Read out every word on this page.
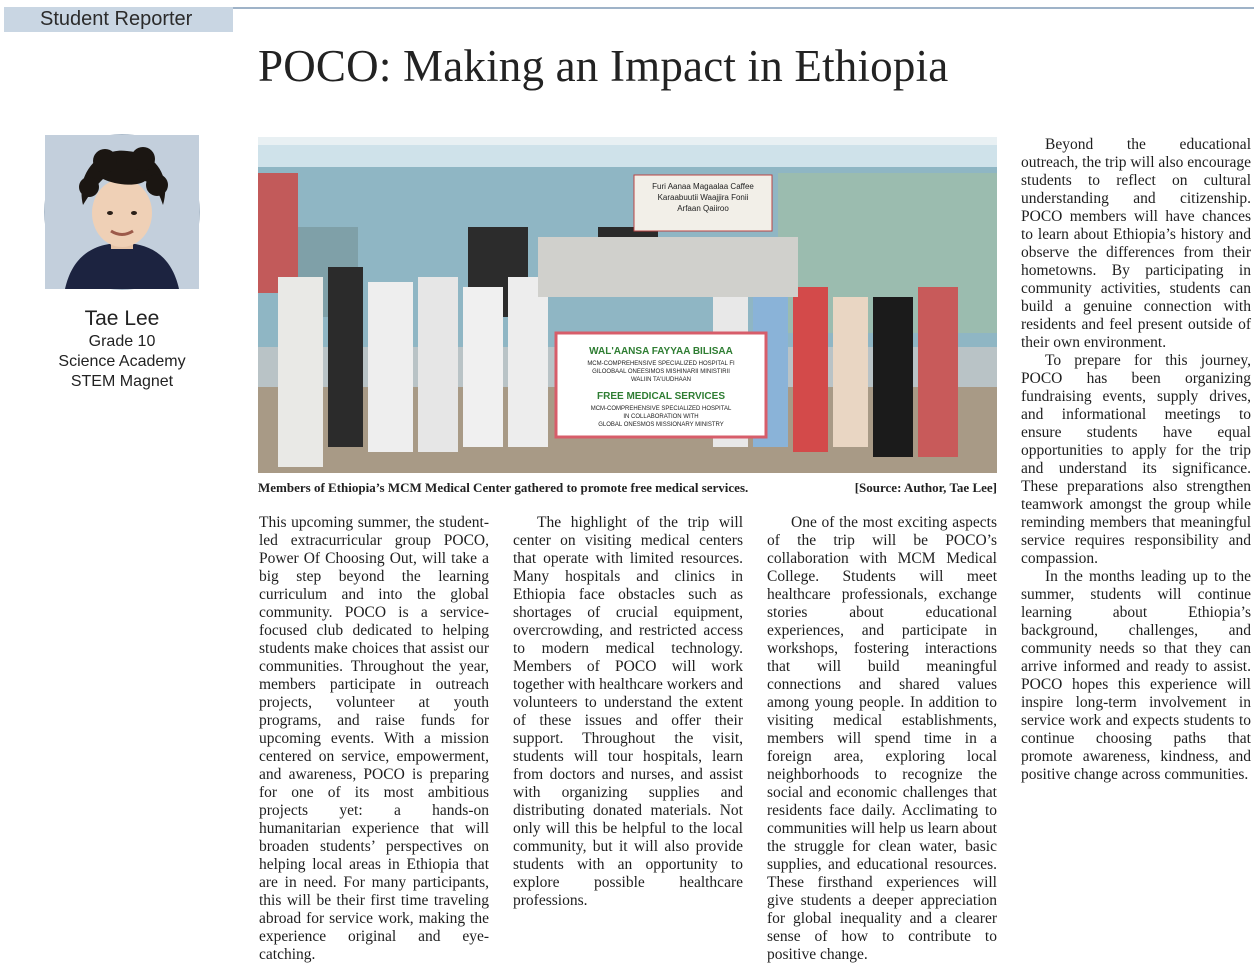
Student Reporter
POCO: Making an Impact in Ethiopia
Tae Lee
Grade 10
Science Academy
STEM Magnet
Furi Aanaa Magaalaa Caffee
Karaabuutii Waajjira Fonii
Arfaan Qaiiroo
WAL'AANSA FAYYAA BILISAA
MCM-COMPREHENSIVE SPECIALIZED HOSPITAL FI
GILOOBAAL ONEESIMOS MISHINARII MINISTIRII
WALIIN TA'UUDHAAN
FREE MEDICAL SERVICES
MCM-COMPREHENSIVE SPECIALIZED HOSPITAL
IN COLLABORATION WITH
GLOBAL ONESMOS MISSIONARY MINISTRY
Members of Ethiopia’s MCM Medical Center gathered to promote free medical services.	[Source: Author, Tae Lee]

This upcoming summer, the student-led extracurricular group POCO, Power Of Choosing Out, will take a big step beyond the learning curriculum and into the global community. POCO is a service-focused club dedicated to helping students make choices that assist our communities. Throughout the year, members participate in outreach projects, volunteer at youth programs, and raise funds for upcoming events. With a mission centered on service, empowerment, and awareness, POCO is preparing for one of its most ambitious projects yet: a hands-on humanitarian experience that will broaden students’ perspectives on helping local areas in Ethiopia that are in need. For many participants, this will be their first time traveling abroad for service work, making the experience original and eye-catching.

The highlight of the trip will center on visiting medical centers that operate with limited resources. Many hospitals and clinics in Ethiopia face obstacles such as shortages of crucial equipment, overcrowding, and restricted access to modern medical technology. Members of POCO will work together with healthcare workers and volunteers to understand the extent of these issues and offer their support. Throughout the visit, students will tour hospitals, learn from doctors and nurses, and assist with organizing supplies and distributing donated materials. Not only will this be helpful to the local community, but it will also provide students with an opportunity to explore possible healthcare professions.

One of the most exciting aspects of the trip will be POCO’s collaboration with MCM Medical College. Students will meet healthcare professionals, exchange stories about educational experiences, and participate in workshops, fostering interactions that will build meaningful connections and shared values among young people. In addition to visiting medical establishments, members will spend time in a foreign area, exploring local neighborhoods to recognize the social and economic challenges that residents face daily. Acclimating to communities will help us learn about the struggle for clean water, basic supplies, and educational resources. These firsthand experiences will give students a deeper appreciation for global inequality and a clearer sense of how to contribute to positive change.

Beyond the educational outreach, the trip will also encourage students to reflect on cultural understanding and citizenship. POCO members will have chances to learn about Ethiopia’s history and observe the differences from their hometowns. By participating in community activities, students can build a genuine connection with residents and feel present outside of their own environment.

To prepare for this journey, POCO has been organizing fundraising events, supply drives, and informational meetings to ensure students have equal opportunities to apply for the trip and understand its significance. These preparations also strengthen teamwork amongst the group while reminding members that meaningful service requires responsibility and compassion.

In the months leading up to the summer, students will continue learning about Ethiopia’s background, challenges, and community needs so that they can arrive informed and ready to assist. POCO hopes this experience will inspire long-term involvement in service work and expects students to continue choosing paths that promote awareness, kindness, and positive change across communities.
